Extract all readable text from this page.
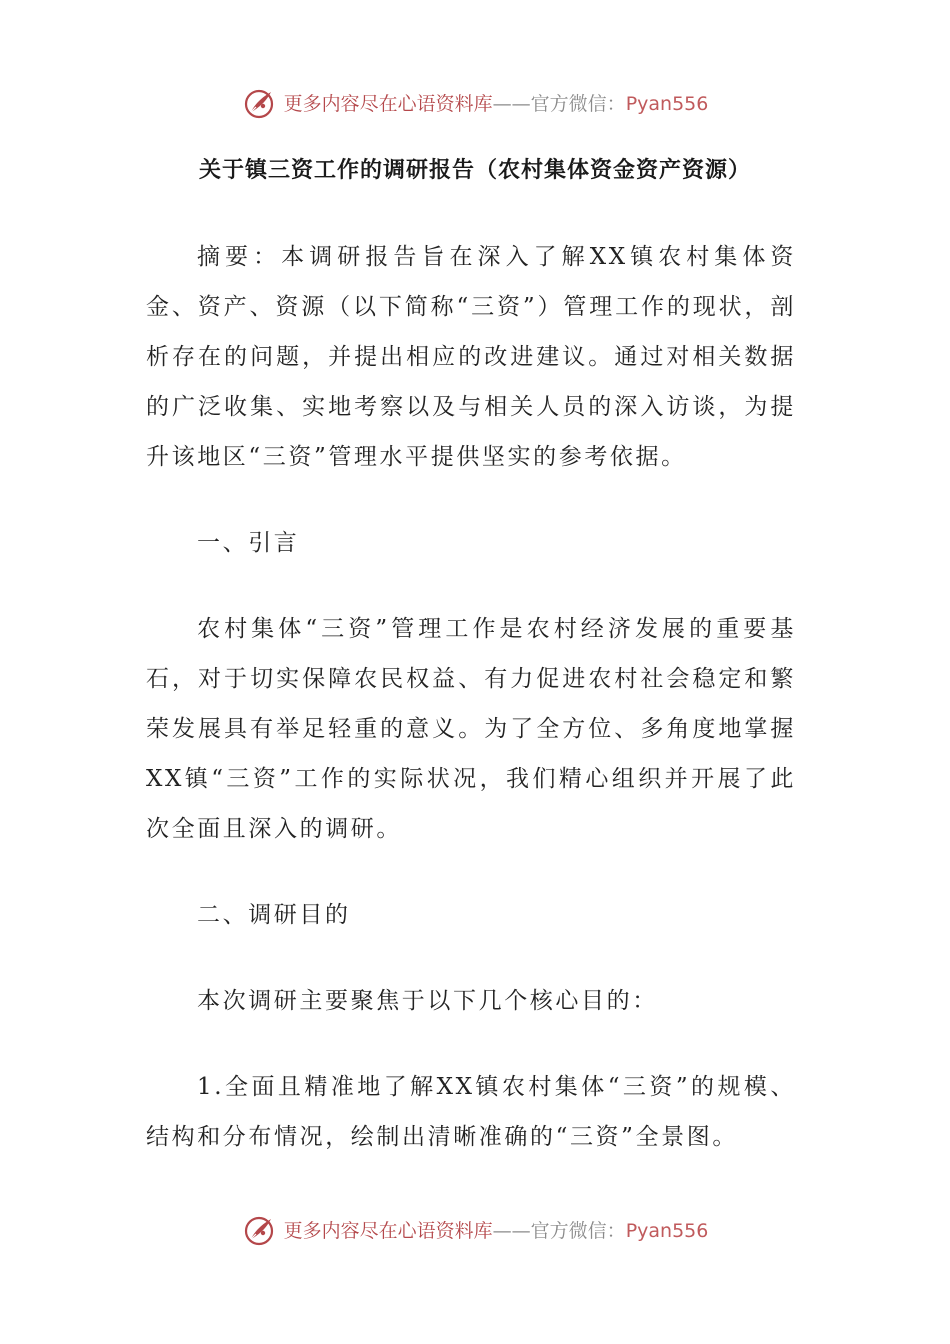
更多内容尽在心语资料库——官方微信：Pyan556
关于镇三资工作的调研报告（农村集体资金资产资源）

摘要：本调研报告旨在深入了解XX镇农村集体资金、资产、资源（以下简称“三资”）管理工作的现状，剖析存在的问题，并提出相应的改进建议。通过对相关数据的广泛收集、实地考察以及与相关人员的深入访谈，为提升该地区“三资”管理水平提供坚实的参考依据。

一、引言

农村集体“三资”管理工作是农村经济发展的重要基石，对于切实保障农民权益、有力促进农村社会稳定和繁荣发展具有举足轻重的意义。为了全方位、多角度地掌握XX镇“三资”工作的实际状况，我们精心组织并开展了此次全面且深入的调研。

二、调研目的

本次调研主要聚焦于以下几个核心目的：

1.全面且精准地了解XX镇农村集体“三资”的规模、结构和分布情况，绘制出清晰准确的“三资”全景图。

更多内容尽在心语资料库——官方微信：Pyan556
